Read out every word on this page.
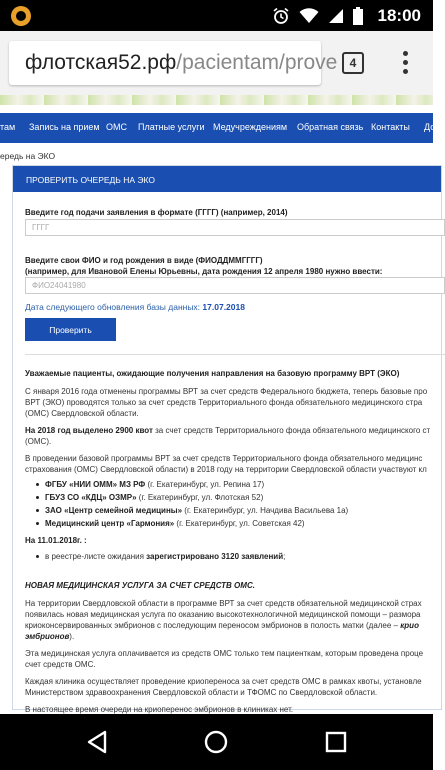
18:00
флотская52.рф/pacientam/prove	4
там Запись на прием ОМС Платные услуги Медучреждениям Обратная связь Контакты До
ередь на ЭКО
ПРОВЕРИТЬ ОЧЕРЕДЬ НА ЭКО
Введите год подачи заявления в формате (ГГГГ) (например, 2014)
ГГГГ
Введите свои ФИО и год рождения в виде (ФИОДДММГГГГ)
(например, для Ивановой Елены Юрьевны, дата рождения 12 апреля 1980 нужно ввести:
ФИО24041980
Дата следующего обновления базы данных: 17.07.2018
Проверить
Уважаемые пациенты, ожидающие получения направления на базовую программу ВРТ (ЭКО)
С января 2016 года отменены программы ВРТ за счет средств Федерального бюджета, теперь базовые про
ВРТ (ЭКО) проводятся только за счет средств Территориального фонда обязательного медицинского стра
(ОМС) Свердловской области.
На 2018 год выделено 2900 квот за счет средств Территориального фонда обязательного медицинского ст
(ОМС).
В проведении базовой программы ВРТ за счет средств Территориального фонда обязательного медицинс
страхования (ОМС) Свердловской области) в 2018 году на территории Свердловской области участвуют кл
ФГБУ «НИИ ОММ» МЗ РФ (г. Екатеринбург, ул. Репина 17)
ГБУЗ СО «КДЦ» ОЗМР» (г. Екатеринбург, ул. Флотская 52)
ЗАО «Центр семейной медицины» (г. Екатеринбург, ул. Начдива Васильева 1а)
Медицинский центр «Гармония» (г. Екатеринбург, ул. Советская 42)
На 11.01.2018г. :
в реестре-листе ожидания зарегистрировано 3120 заявлений;
НОВАЯ МЕДИЦИНСКАЯ УСЛУГА ЗА СЧЕТ СРЕДСТВ ОМС.
На территории Свердловской области в программе ВРТ за счет средств обязательной медицинской страх
появилась новая медицинская услуга по оказанию высокотехнологичной медицинской помощи – размора
криоконсервированных эмбрионов с последующим переносом эмбрионов в полость матки (далее – крио
эмбрионов).
Эта медицинская услуга оплачивается из средств ОМС только тем пациенткам, которым проведена проце
счет средств ОМС.
Каждая клиника осуществляет проведение криопереноса за счет средств ОМС в рамках квоты, установле
Министерством здравоохранения Свердловской области и ТФОМС по Свердловской области.
В настоящее время очереди на криоперенос эмбрионов в клиниках нет.
